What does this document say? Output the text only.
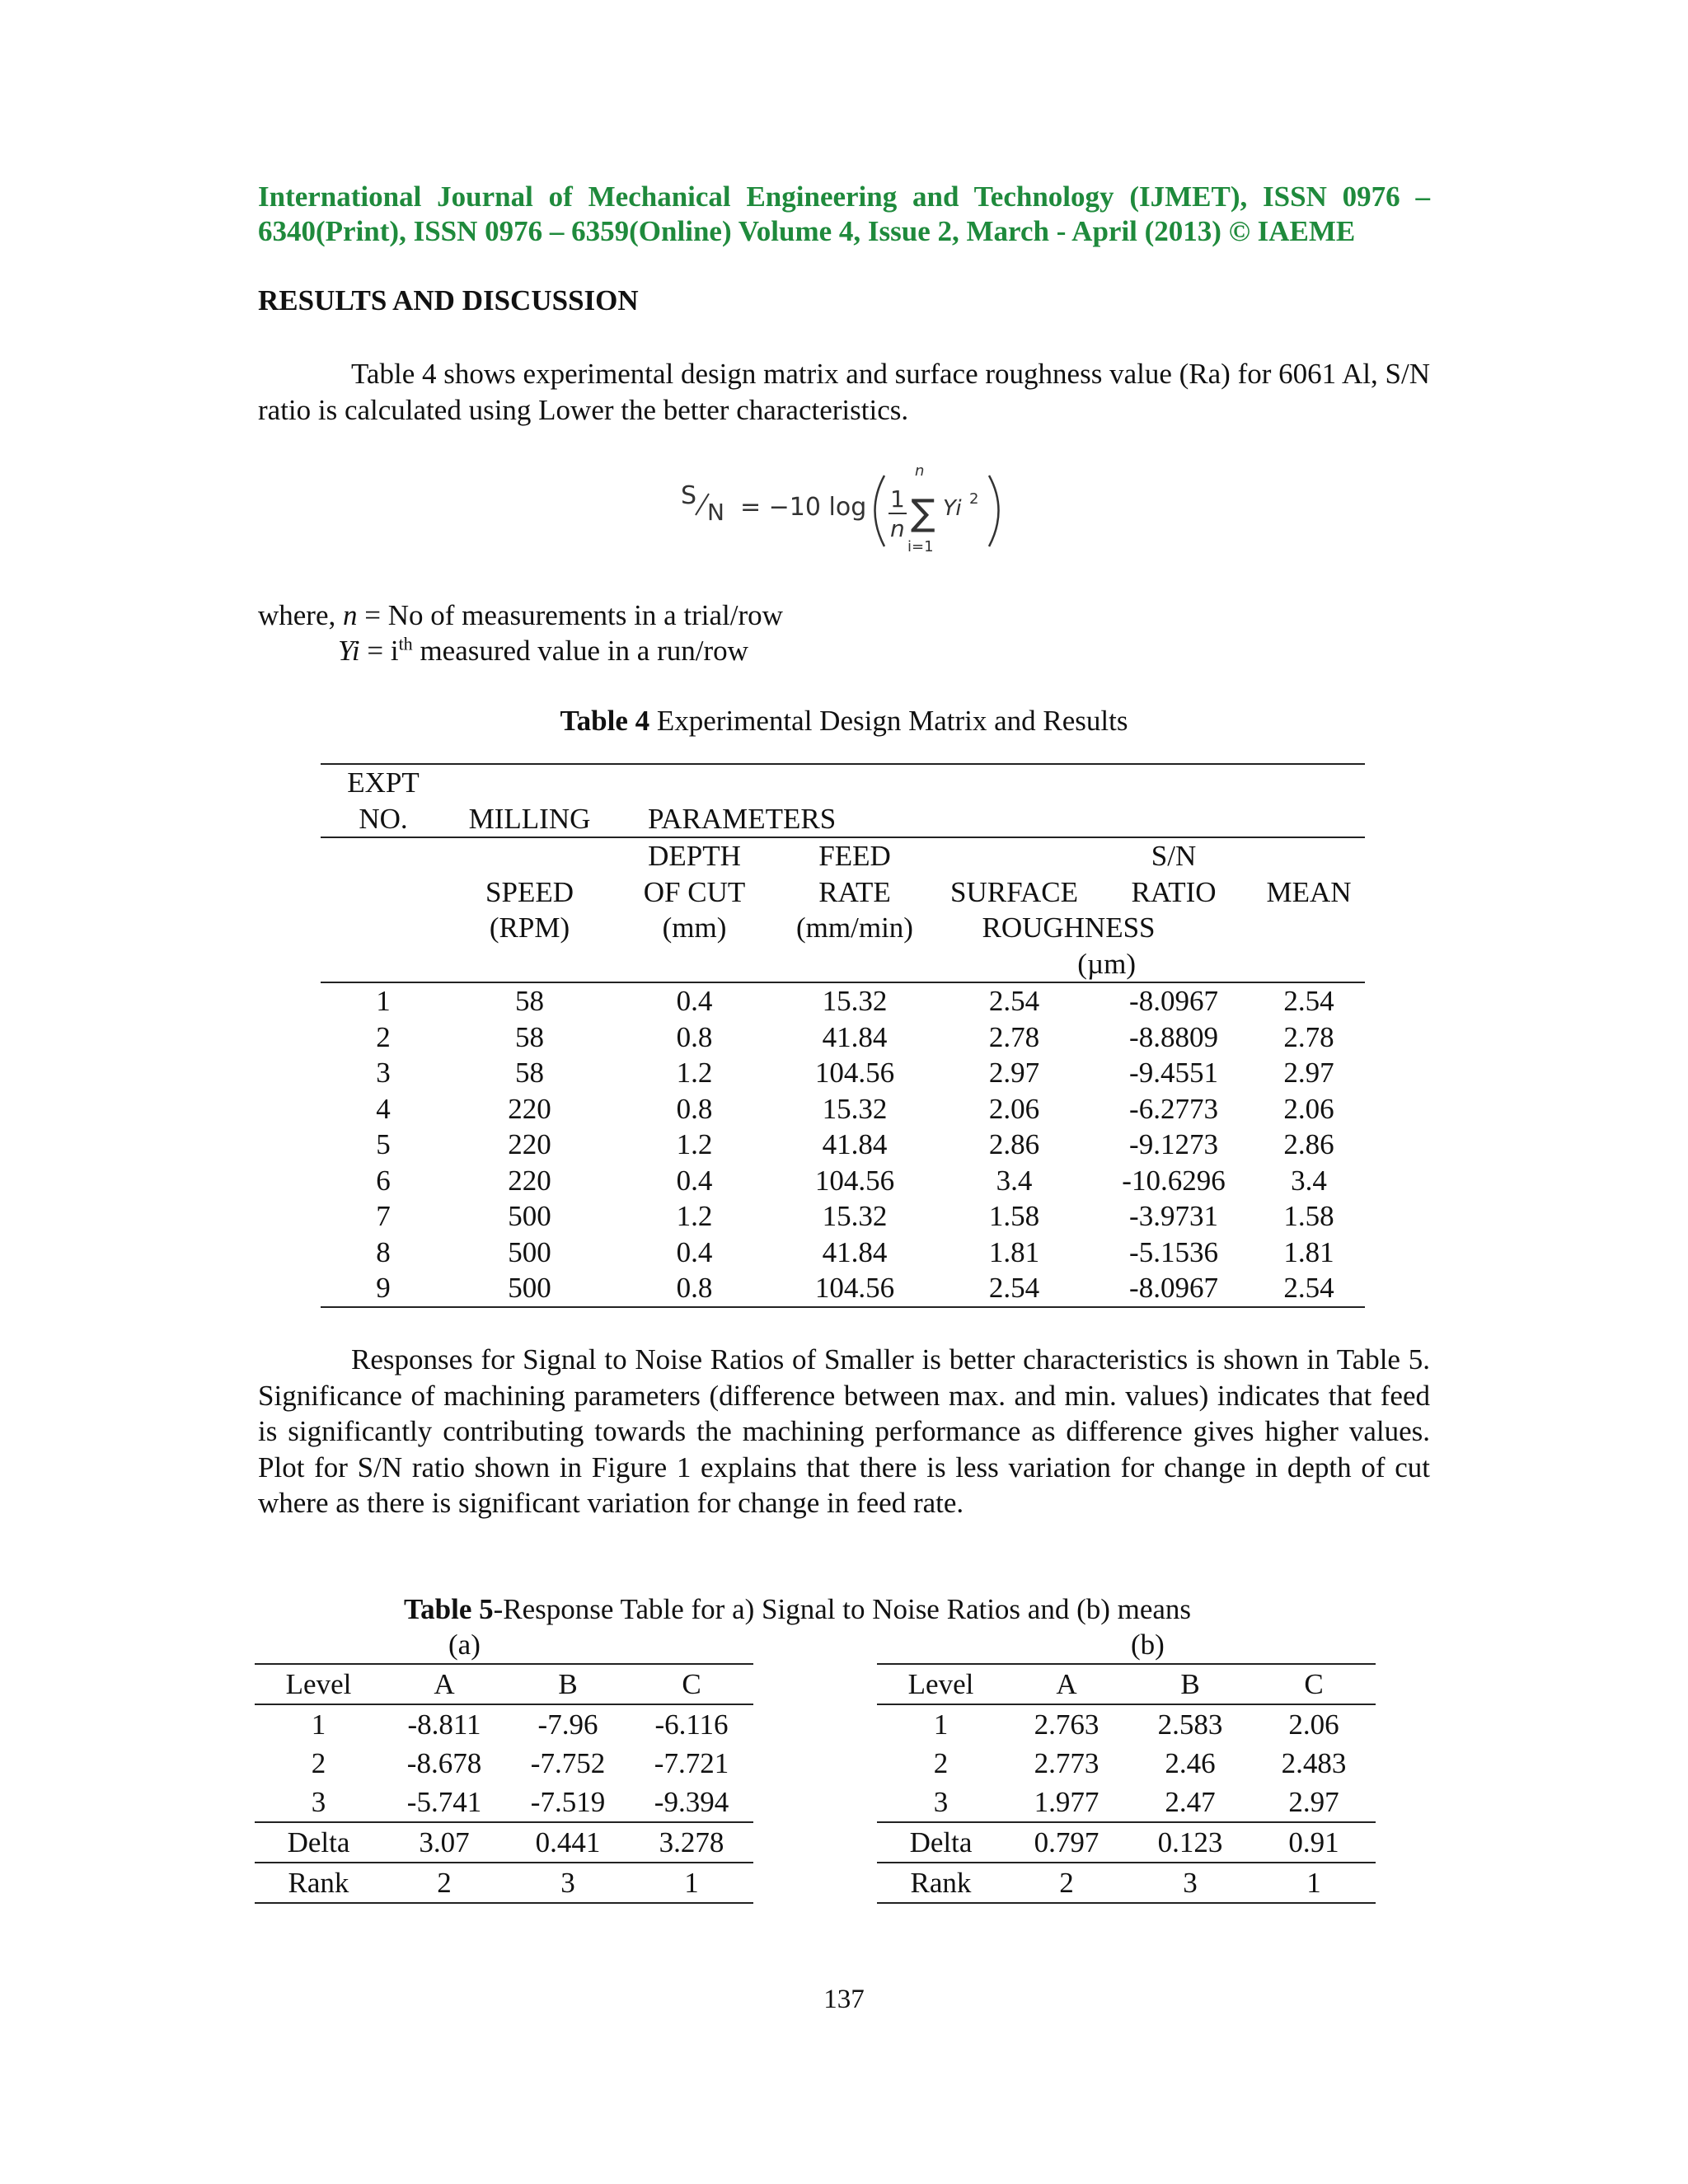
International Journal of Mechanical Engineering and Technology (IJMET), ISSN 0976 – 6340(Print), ISSN 0976 – 6359(Online) Volume 4, Issue 2, March - April (2013) © IAEME
RESULTS AND DISCUSSION
Table 4 shows experimental design matrix and surface roughness value (Ra) for 6061 Al, S/N ratio is calculated using Lower the better characteristics.
S
N = −10 log 1
n
n
∑
i=1
Yi 2
where, n = No of measurements in a trial/row
$Yi = i^{th}$ measured value in a run/row
Table 4 Experimental Design Matrix and Results
EXPT						
NO.	MILLING	PARAMETERS				
		DEPTH	FEED		S/N	
	SPEED	OF CUT	RATE	SURFACE	RATIO	MEAN
	(RPM)	(mm)	(mm/min)	ROUGHNESS		
				(µm)		
1	58	0.4	15.32	2.54	-8.0967	2.54
2	58	0.8	41.84	2.78	-8.8809	2.78
3	58	1.2	104.56	2.97	-9.4551	2.97
4	220	0.8	15.32	2.06	-6.2773	2.06
5	220	1.2	41.84	2.86	-9.1273	2.86
6	220	0.4	104.56	3.4	-10.6296	3.4
7	500	1.2	15.32	1.58	-3.9731	1.58
8	500	0.4	41.84	1.81	-5.1536	1.81
9	500	0.8	104.56	2.54	-8.0967	2.54
Responses for Signal to Noise Ratios of Smaller is better characteristics is shown in Table 5. Significance of machining parameters (difference between max. and min. values) indicates that feed is significantly contributing towards the machining performance as difference gives higher values. Plot for S/N ratio shown in Figure 1 explains that there is less variation for change in depth of cut where as there is significant variation for change in feed rate.
Table 5-Response Table for a) Signal to Noise Ratios and (b) means
(a)	(b)
Level	A	B	C
1	-8.811	-7.96	-6.116
2	-8.678	-7.752	-7.721
3	-5.741	-7.519	-9.394
Delta	3.07	0.441	3.278
Rank	2	3	1
Level	A	B	C
1	2.763	2.583	2.06
2	2.773	2.46	2.483
3	1.977	2.47	2.97
Delta	0.797	0.123	0.91
Rank	2	3	1
137
